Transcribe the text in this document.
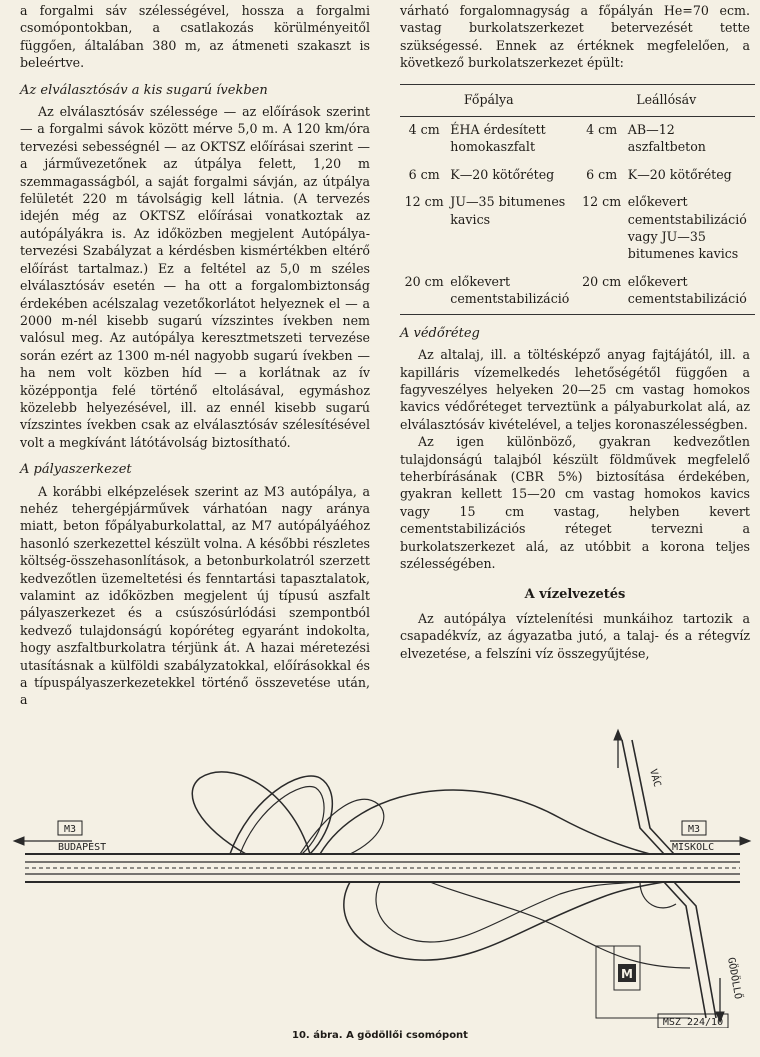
a forgalmi sáv szélességével, hossza a forgalmi csomópontokban, a csatlakozás körülményeitől függően, általában 380 m, az átmeneti szakaszt is beleértve.

Az elválasztósáv a kis sugarú ívekben

Az elválasztósáv szélessége — az előírások szerint — a forgalmi sávok között mérve 5,0 m. A 120 km/óra tervezési sebességnél — az OKTSZ előírásai szerint — a járművezetőnek az útpálya felett, 1,20 m szemmagasságból, a saját forgalmi sávján, az útpálya felületét 220 m távolságig kell látnia. (A tervezés idején még az OKTSZ előírásai vonatkoztak az autópályákra is. Az időközben megjelent Autópálya-tervezési Szabályzat a kérdésben kismértékben eltérő előírást tartalmaz.) Ez a feltétel az 5,0 m széles elválasztósáv esetén — ha ott a forgalombiztonság érdekében acélszalag vezetőkorlátot helyeznek el — a 2000 m-nél kisebb sugarú vízszintes ívekben nem valósul meg. Az autópálya keresztmetszeti tervezése során ezért az 1300 m-nél nagyobb sugarú ívekben — ha nem volt közben híd — a korlátnak az ív középpontja felé történő eltolásával, egymáshoz közelebb helyezésével, ill. az ennél kisebb sugarú vízszintes ívekben csak az elválasztósáv szélesítésével volt a megkívánt látótávolság biztosítható.

A pályaszerkezet

A korábbi elképzelések szerint az M3 autópálya, a nehéz tehergépjárművek várhatóan nagy aránya miatt, beton főpályaburkolattal, az M7 autópályáéhoz hasonló szerkezettel készült volna. A későbbi részletes költség-összehasonlítások, a betonburkolatról szerzett kedvezőtlen üzemeltetési és fenntartási tapasztalatok, valamint az időközben megjelent új típusú aszfalt pályaszerkezet és a csúszósúrlódási szempontból kedvező tulajdonságú kopóréteg egyaránt indokolta, hogy aszfaltburkolatra térjünk át. A hazai méretezési utasításnak a külföldi szabályzatokkal, előírásokkal és a típuspályaszerkezetekkel történő összevetése után, a

várható forgalomnagyság a főpályán He=70 ecm. vastag burkolatszerkezet betervezését tette szükségessé. Ennek az értéknek megfelelően, a következő burkolatszerkezet épült:

Főpálya		Leállósáv	
4 cm	ÉHA érdesített homokaszfalt	4 cm	AB—12 aszfaltbeton
6 cm	K—20 kötőréteg	6 cm	K—20 kötőréteg
12 cm	JU—35 bitumenes kavics	12 cm	előkevert cementstabilizáció vagy JU—35 bitumenes kavics
20 cm	előkevert cementstabilizáció	20 cm	előkevert cementstabilizáció
A védőréteg

Az altalaj, ill. a töltésképző anyag fajtájától, ill. a kapilláris vízemelkedés lehetőségétől függően a fagyveszélyes helyeken 20—25 cm vastag homokos kavics védőréteget terveztünk a pályaburkolat alá, az elválasztósáv kivételével, a teljes koronaszélességben.

Az igen különböző, gyakran kedvezőtlen tulajdonságú talajból készült földművek megfelelő teherbírásának (CBR 5%) biztosítása érdekében, gyakran kellett 15—20 cm vastag homokos kavics vagy 15 cm vastag, helyben kevert cementstabilizációs réteget tervezni a burkolatszerkezet alá, az utóbbit a korona teljes szélességében.

A vízelvezetés

Az autópálya víztelenítési munkáihoz tartozik a csapadékvíz, az ágyazatba jutó, a talaj- és a rétegvíz elvezetése, a felszíni víz összegyűjtése,

M3
BUDAPEST
M3
MISKOLC
VÁC
GÖDÖLLŐ
M
MSZ 224/10
10. ábra. A gödöllői csomópont
